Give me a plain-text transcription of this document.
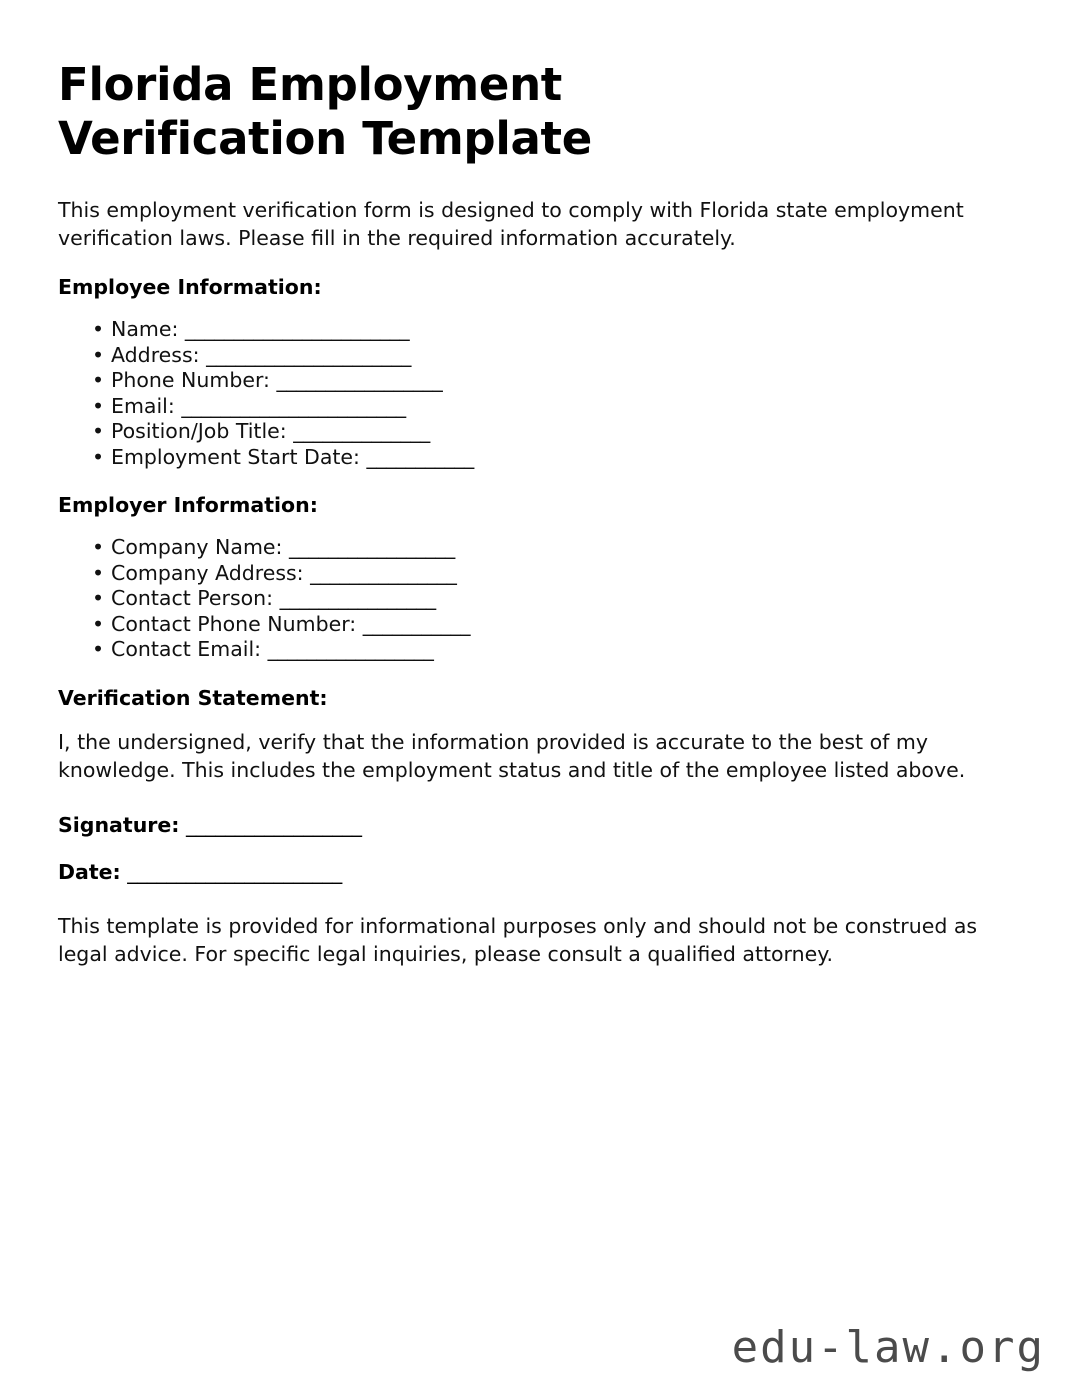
Florida Employment Verification Template

This employment verification form is designed to comply with Florida state employment verification laws. Please fill in the required information accurately.

Employee Information:
• Name: _______________________
• Address: _____________________
• Phone Number: _________________
• Email: _______________________
• Position/Job Title: ______________
• Employment Start Date: ___________
Employer Information:
• Company Name: _________________
• Company Address: _______________
• Contact Person: ________________
• Contact Phone Number: ___________
• Contact Email: _________________
Verification Statement:

I, the undersigned, verify that the information provided is accurate to the best of my knowledge. This includes the employment status and title of the employee listed above.

Signature: __________________

Date: ______________________

This template is provided for informational purposes only and should not be construed as legal advice. For specific legal inquiries, please consult a qualified attorney.

edu-law.org
